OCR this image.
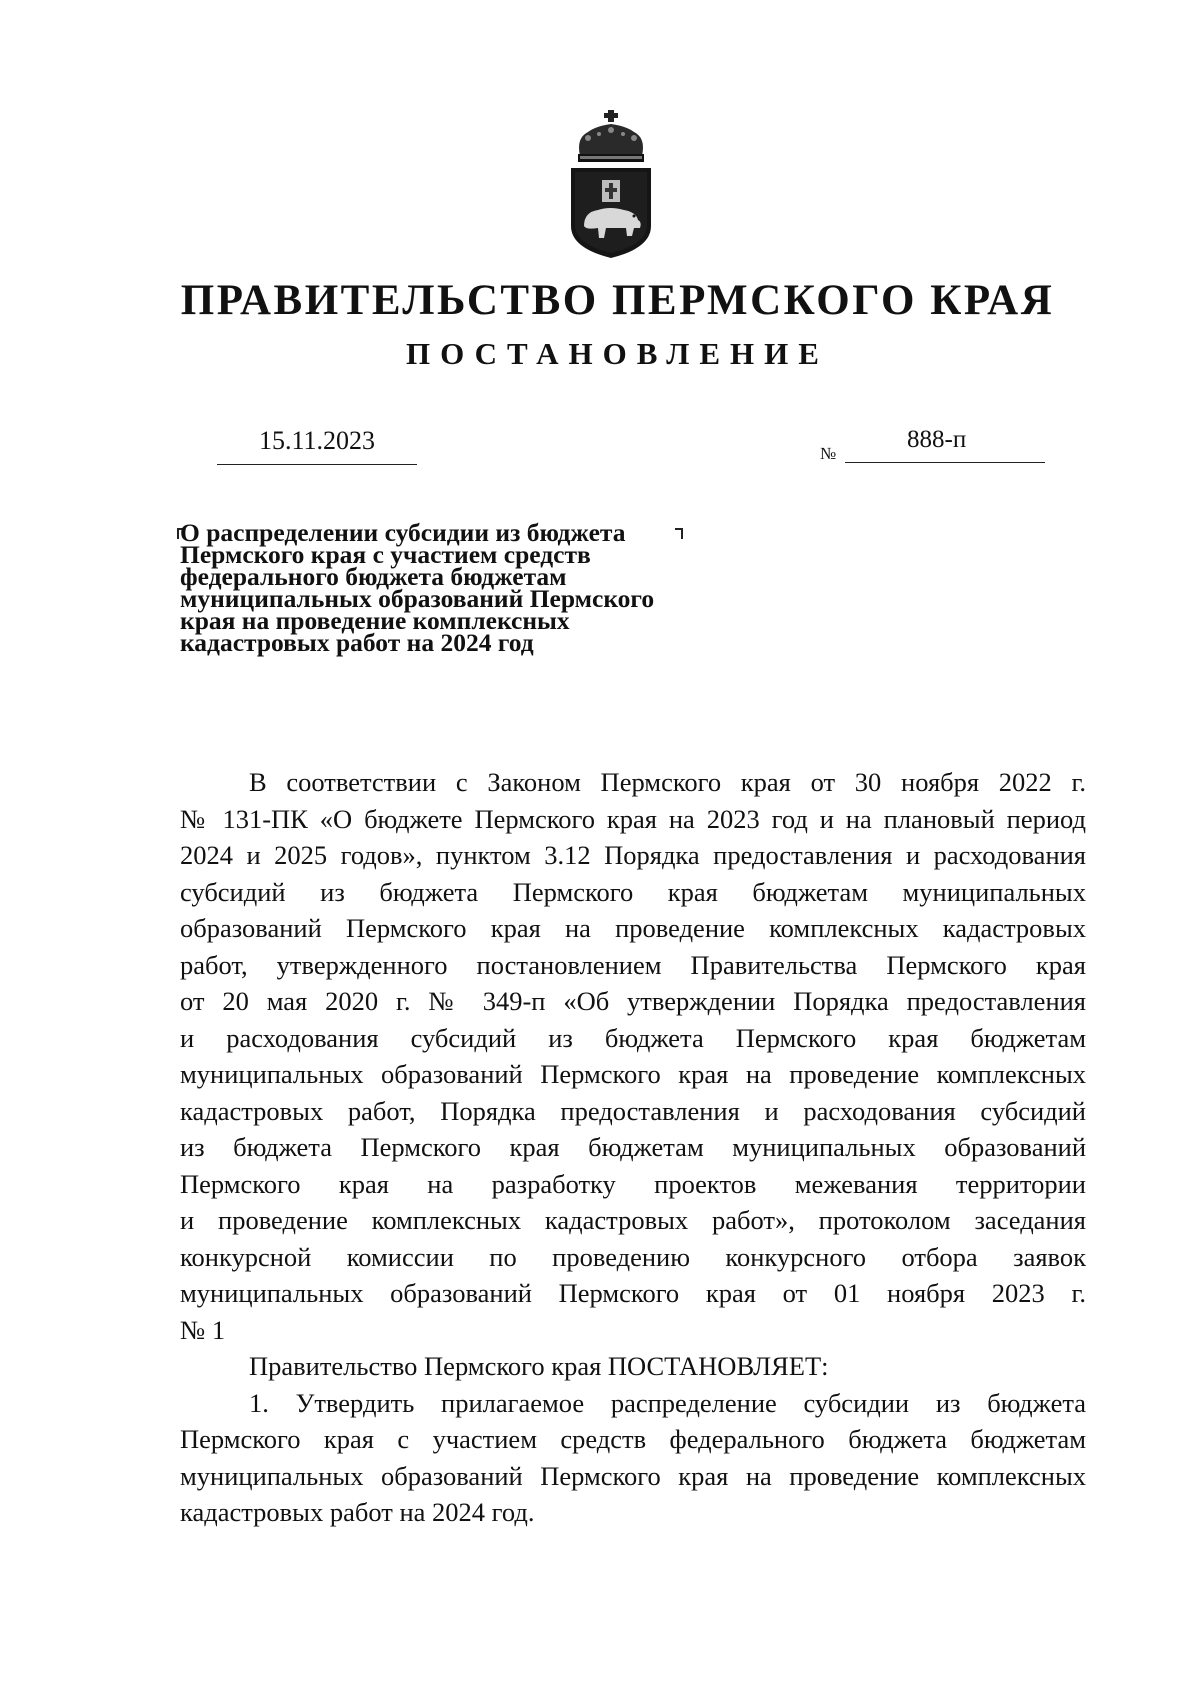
ПРАВИТЕЛЬСТВО ПЕРМСКОГО КРАЯ
ПОСТАНОВЛЕНИЕ
15.11.2023	№
888-п
О распределении субсидии из бюджета
Пермского края с участием средств
федерального бюджета бюджетам
муниципальных образований Пермского
края на проведение комплексных
кадастровых работ на 2024 год
В соответствии с Законом Пермского края от 30 ноября 2022 г.
№ 131-ПК «О бюджете Пермского края на 2023 год и на плановый период
2024 и 2025 годов», пунктом 3.12 Порядка предоставления и расходования
субсидий из бюджета Пермского края бюджетам муниципальных
образований Пермского края на проведение комплексных кадастровых
работ, утвержденного постановлением Правительства Пермского края
от 20 мая 2020 г. № 349-п «Об утверждении Порядка предоставления
и расходования субсидий из бюджета Пермского края бюджетам
муниципальных образований Пермского края на проведение комплексных
кадастровых работ, Порядка предоставления и расходования субсидий
из бюджета Пермского края бюджетам муниципальных образований
Пермского края на разработку проектов межевания территории
и проведение комплексных кадастровых работ», протоколом заседания
конкурсной комиссии по проведению конкурсного отбора заявок
муниципальных образований Пермского края от 01 ноября 2023 г.
№ 1
Правительство Пермского края ПОСТАНОВЛЯЕТ:
1. Утвердить прилагаемое распределение субсидии из бюджета
Пермского края с участием средств федерального бюджета бюджетам
муниципальных образований Пермского края на проведение комплексных
кадастровых работ на 2024 год.
